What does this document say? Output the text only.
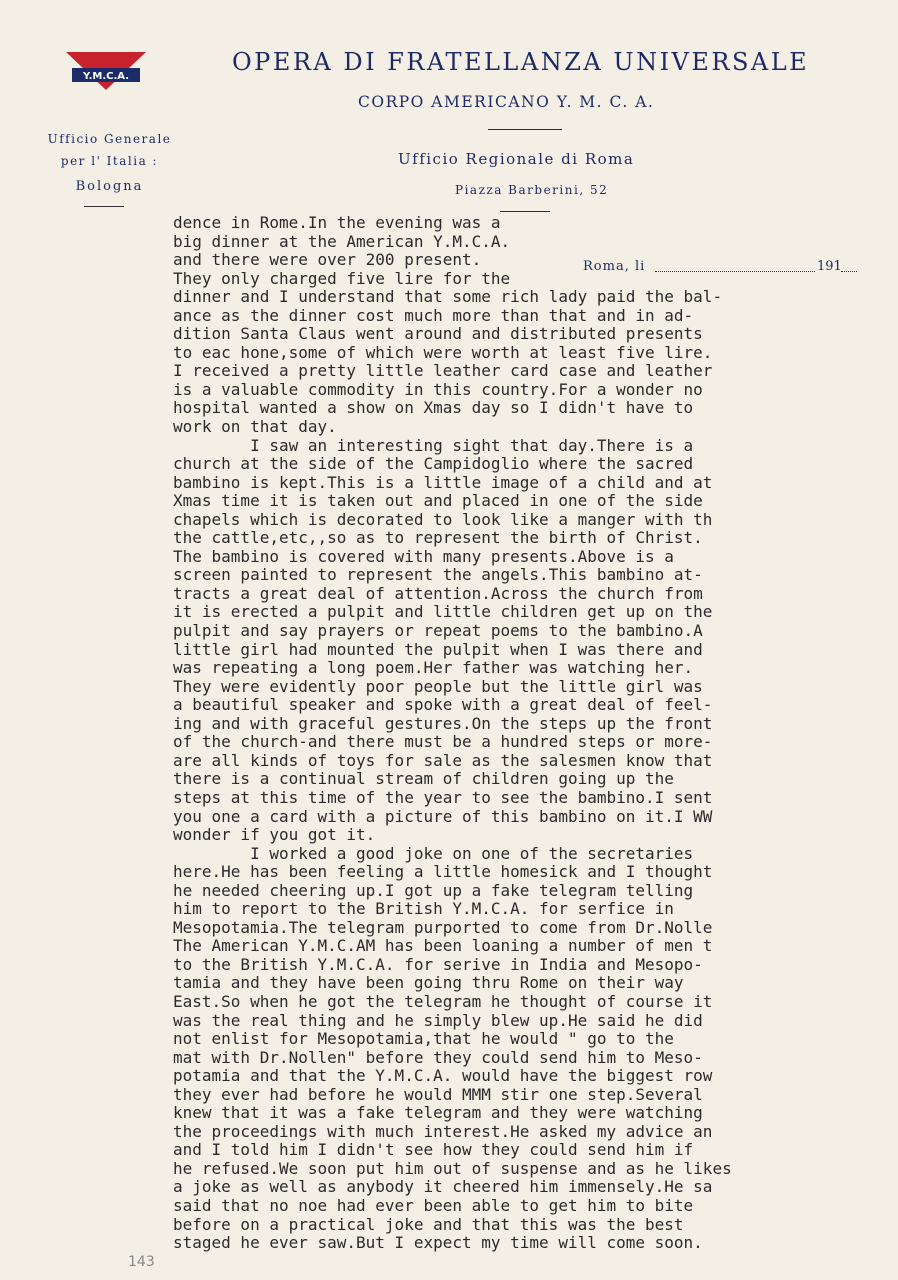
Y.M.C.A.
OPERA DI FRATELLANZA UNIVERSALE
CORPO AMERICANO Y. M. C. A.
Ufficio Generale
per l' Italia :
Bologna
Ufficio Regionale di Roma
Piazza Barberini, 52
Roma, li	191
dence in Rome.In the evening was a
big dinner at the American Y.M.C.A.
and there were over 200 present.
They only charged five lire for the
dinner and I understand that some rich lady paid the bal-
ance as the dinner cost much more than that and in ad-
dition Santa Claus went around and distributed presents
to eac hone,some of which were worth at least five lire.
I received a pretty little leather card case and leather
is a valuable commodity in this country.For a wonder no
hospital wanted a show on Xmas day so I didn't have to
work on that day.
I saw an interesting sight that day.There is a
church at the side of the Campidoglio where the sacred
bambino is kept.This is a little image of a child and at
Xmas time it is taken out and placed in one of the side
chapels which is decorated to look like a manger with th
the cattle,etc,,so as to represent the birth of Christ.
The bambino is covered with many presents.Above is a
screen painted to represent the angels.This bambino at-
tracts a great deal of attention.Across the church from
it is erected a pulpit and little children get up on the
pulpit and say prayers or repeat poems to the bambino.A
little girl had mounted the pulpit when I was there and
was repeating a long poem.Her father was watching her.
They were evidently poor people but the little girl was
a beautiful speaker and spoke with a great deal of feel-
ing and with graceful gestures.On the steps up the front
of the church-and there must be a hundred steps or more-
are all kinds of toys for sale as the salesmen know that
there is a continual stream of children going up the
steps at this time of the year to see the bambino.I sent
you one a card with a picture of this bambino on it.I WW
wonder if you got it.
I worked a good joke on one of the secretaries
here.He has been feeling a little homesick and I thought
he needed cheering up.I got up a fake telegram telling
him to report to the British Y.M.C.A. for serfice in
Mesopotamia.The telegram purported to come from Dr.Nolle
The American Y.M.C.AM has been loaning a number of men t
to the British Y.M.C.A. for serive in India and Mesopo-
tamia and they have been going thru Rome on their way
East.So when he got the telegram he thought of course it
was the real thing and he simply blew up.He said he did
not enlist for Mesopotamia,that he would " go to the
mat with Dr.Nollen" before they could send him to Meso-
potamia and that the Y.M.C.A. would have the biggest row
they ever had before he would MMM stir one step.Several
knew that it was a fake telegram and they were watching
the proceedings with much interest.He asked my advice an
and I told him I didn't see how they could send him if
he refused.We soon put him out of suspense and as he likes
a joke as well as anybody it cheered him immensely.He sa
said that no noe had ever been able to get him to bite
before on a practical joke and that this was the best
staged he ever saw.But I expect my time will come soon.
143
